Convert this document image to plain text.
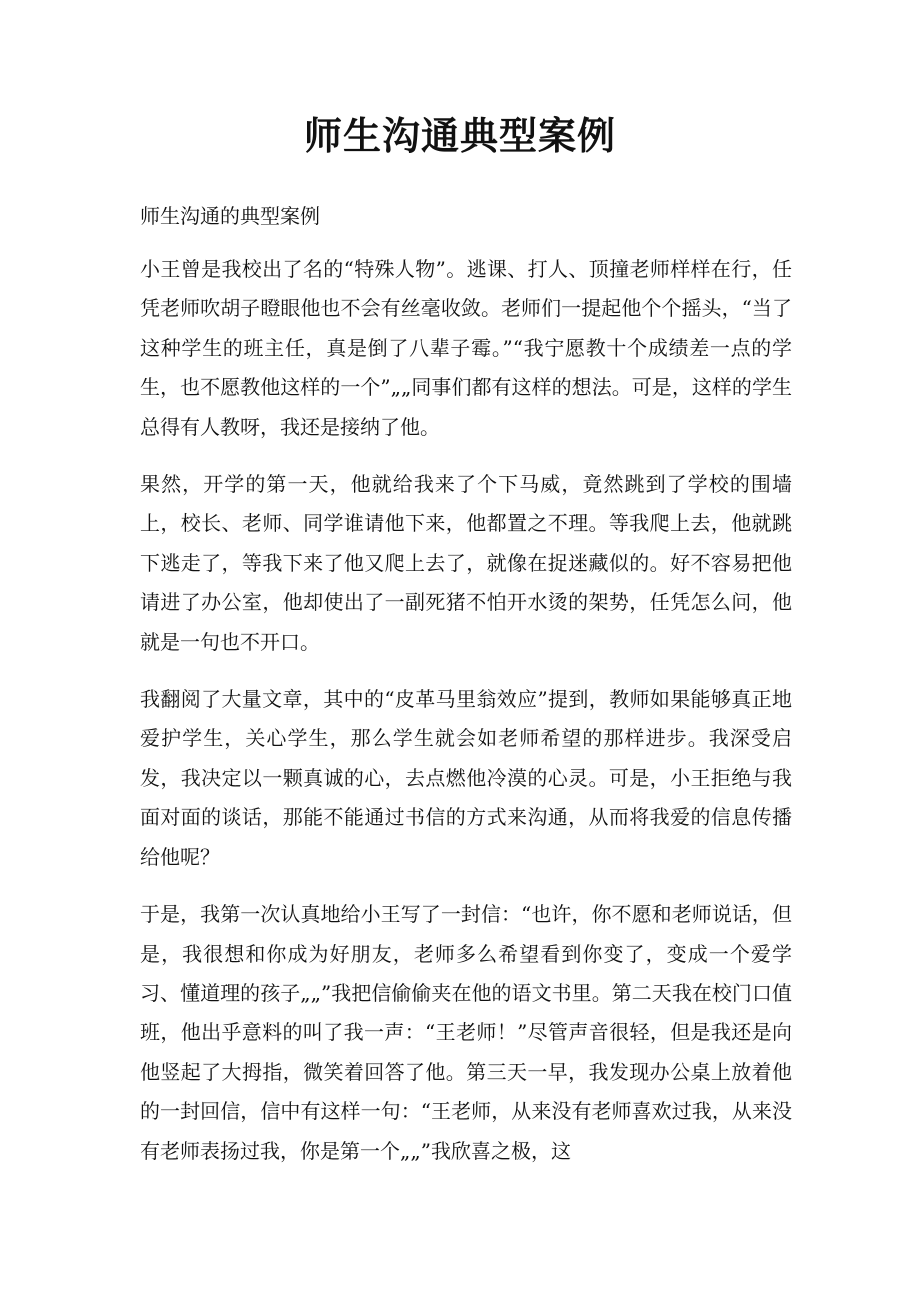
师生沟通典型案例
师生沟通的典型案例

小王曾是我校出了名的“特殊人物”。逃课、打人、顶撞老师样样在行，任凭老师吹胡子瞪眼他也不会有丝毫收敛。老师们一提起他个个摇头，“当了这种学生的班主任，真是倒了八辈子霉。”“我宁愿教十个成绩差一点的学生，也不愿教他这样的一个”„„同事们都有这样的想法。可是，这样的学生总得有人教呀，我还是接纳了他。

果然，开学的第一天，他就给我来了个下马威，竟然跳到了学校的围墙上，校长、老师、同学谁请他下来，他都置之不理。等我爬上去，他就跳下逃走了，等我下来了他又爬上去了，就像在捉迷藏似的。好不容易把他请进了办公室，他却使出了一副死猪不怕开水烫的架势，任凭怎么问，他就是一句也不开口。

我翻阅了大量文章，其中的“皮革马里翁效应”提到，教师如果能够真正地爱护学生，关心学生，那么学生就会如老师希望的那样进步。我深受启发，我决定以一颗真诚的心，去点燃他冷漠的心灵。可是，小王拒绝与我面对面的谈话，那能不能通过书信的方式来沟通，从而将我爱的信息传播给他呢？

于是，我第一次认真地给小王写了一封信：“也许，你不愿和老师说话，但是，我很想和你成为好朋友，老师多么希望看到你变了，变成一个爱学习、懂道理的孩子„„”我把信偷偷夹在他的语文书里。第二天我在校门口值班，他出乎意料的叫了我一声：“王老师！”尽管声音很轻，但是我还是向他竖起了大拇指，微笑着回答了他。第三天一早，我发现办公桌上放着他的一封回信，信中有这样一句：“王老师，从来没有老师喜欢过我，从来没有老师表扬过我，你是第一个„„”我欣喜之极，这
